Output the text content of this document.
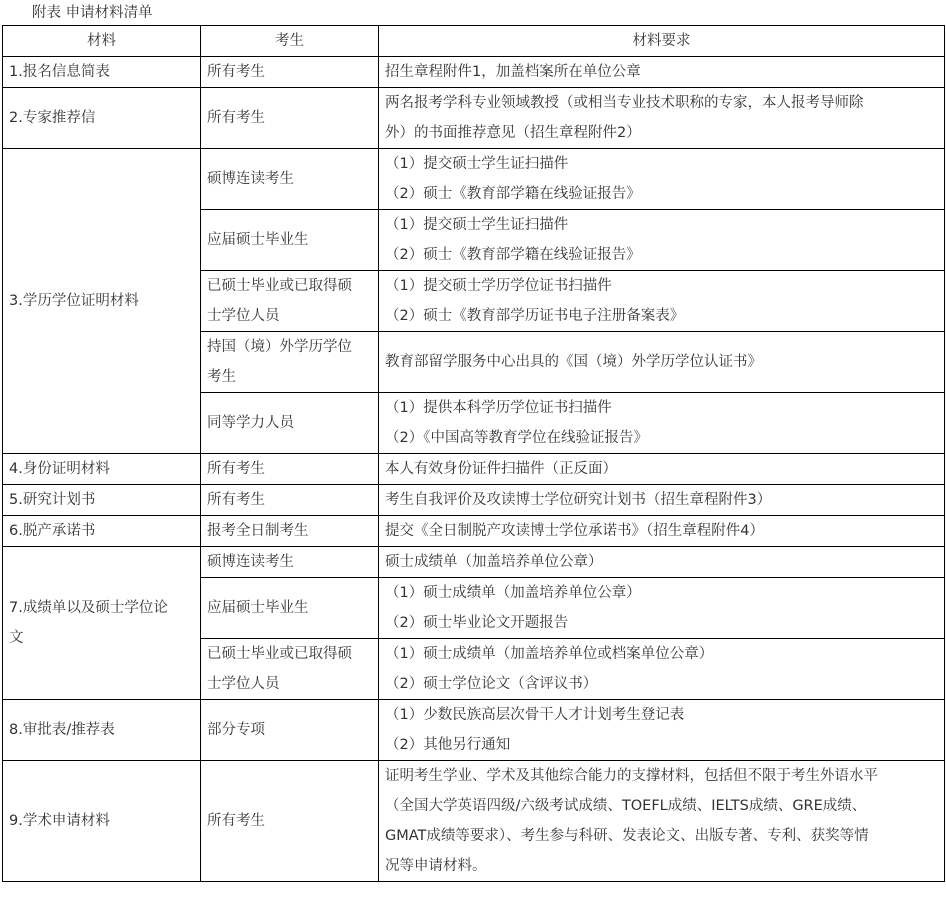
附表 申请材料清单
材料	考生	材料要求
1.报名信息简表	所有考生	招生章程附件1，加盖档案所在单位公章

2.专家推荐信	所有考生	两名报考学科专业领域教授（或相当专业技术职称的专家，本人报考导师除
外）的书面推荐意见（招生章程附件2）

3.学历学位证明材料	硕博连读考生	（1）提交硕士学生证扫描件
（2）硕士《教育部学籍在线验证报告》

	应届硕士毕业生	（1）提交硕士学生证扫描件
（2）硕士《教育部学籍在线验证报告》

	已硕士毕业或已取得硕
士学位人员	（1）提交硕士学历学位证书扫描件
（2）硕士《教育部学历证书电子注册备案表》

	持国（境）外学历学位
考生	教育部留学服务中心出具的《国（境）外学历学位认证书》

	同等学力人员	（1）提供本科学历学位证书扫描件
（2）《中国高等教育学位在线验证报告》

4.身份证明材料	所有考生	本人有效身份证件扫描件（正反面）

5.研究计划书	所有考生	考生自我评价及攻读博士学位研究计划书（招生章程附件3）

6.脱产承诺书	报考全日制考生	提交《全日制脱产攻读博士学位承诺书》（招生章程附件4）

7.成绩单以及硕士学位论
文	硕博连读考生	硕士成绩单（加盖培养单位公章）

	应届硕士毕业生	（1）硕士成绩单（加盖培养单位公章）
（2）硕士毕业论文开题报告

	已硕士毕业或已取得硕
士学位人员	（1）硕士成绩单（加盖培养单位或档案单位公章）
（2）硕士学位论文（含评议书）

8.审批表/推荐表	部分专项	（1）少数民族高层次骨干人才计划考生登记表
（2）其他另行通知

9.学术申请材料	所有考生	证明考生学业、学术及其他综合能力的支撑材料，包括但不限于考生外语水平
（全国大学英语四级/六级考试成绩、TOEFL成绩、IELTS成绩、GRE成绩、
GMAT成绩等要求）、考生参与科研、发表论文、出版专著、专利、获奖等情
况等申请材料。
